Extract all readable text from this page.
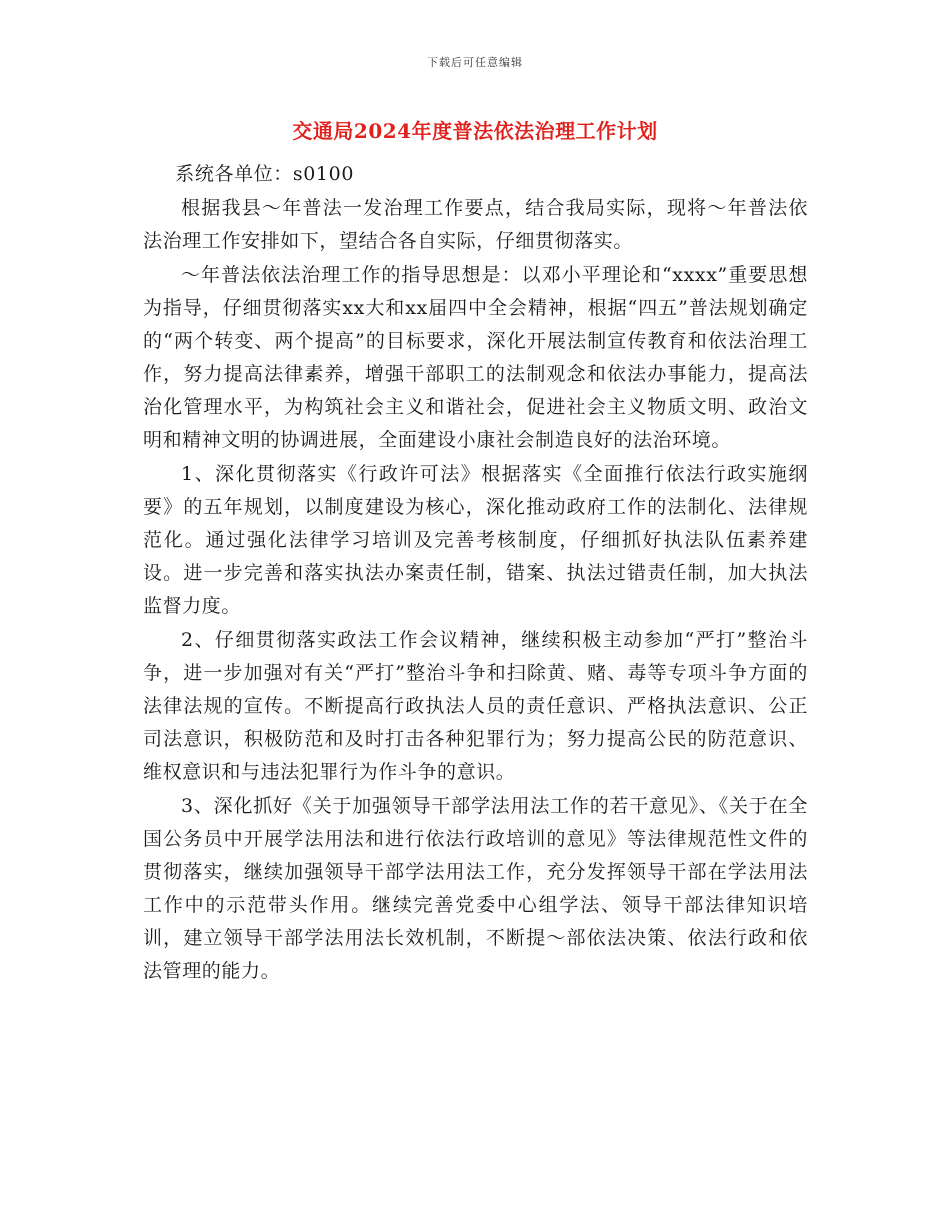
下载后可任意编辑
交通局2024年度普法依法治理工作计划

系统各单位：s0100

根据我县～年普法一发治理工作要点，结合我局实际，现将～年普法依法治理工作安排如下，望结合各自实际，仔细贯彻落实。

～年普法依法治理工作的指导思想是：以邓小平理论和“xxxx”重要思想为指导，仔细贯彻落实xx大和xx届四中全会精神，根据“四五”普法规划确定的“两个转变、两个提高”的目标要求，深化开展法制宣传教育和依法治理工作，努力提高法律素养，增强干部职工的法制观念和依法办事能力，提高法治化管理水平，为构筑社会主义和谐社会，促进社会主义物质文明、政治文明和精神文明的协调进展，全面建设小康社会制造良好的法治环境。

1、深化贯彻落实《行政许可法》根据落实《全面推行依法行政实施纲要》的五年规划，以制度建设为核心，深化推动政府工作的法制化、法律规范化。通过强化法律学习培训及完善考核制度，仔细抓好执法队伍素养建设。进一步完善和落实执法办案责任制，错案、执法过错责任制，加大执法监督力度。

2、仔细贯彻落实政法工作会议精神，继续积极主动参加“严打”整治斗争，进一步加强对有关“严打”整治斗争和扫除黄、赌、毒等专项斗争方面的法律法规的宣传。不断提高行政执法人员的责任意识、严格执法意识、公正司法意识，积极防范和及时打击各种犯罪行为；努力提高公民的防范意识、维权意识和与违法犯罪行为作斗争的意识。

3、深化抓好《关于加强领导干部学法用法工作的若干意见》、《关于在全国公务员中开展学法用法和进行依法行政培训的意见》等法律规范性文件的贯彻落实，继续加强领导干部学法用法工作，充分发挥领导干部在学法用法工作中的示范带头作用。继续完善党委中心组学法、领导干部法律知识培训，建立领导干部学法用法长效机制，不断提～部依法决策、依法行政和依法管理的能力。
